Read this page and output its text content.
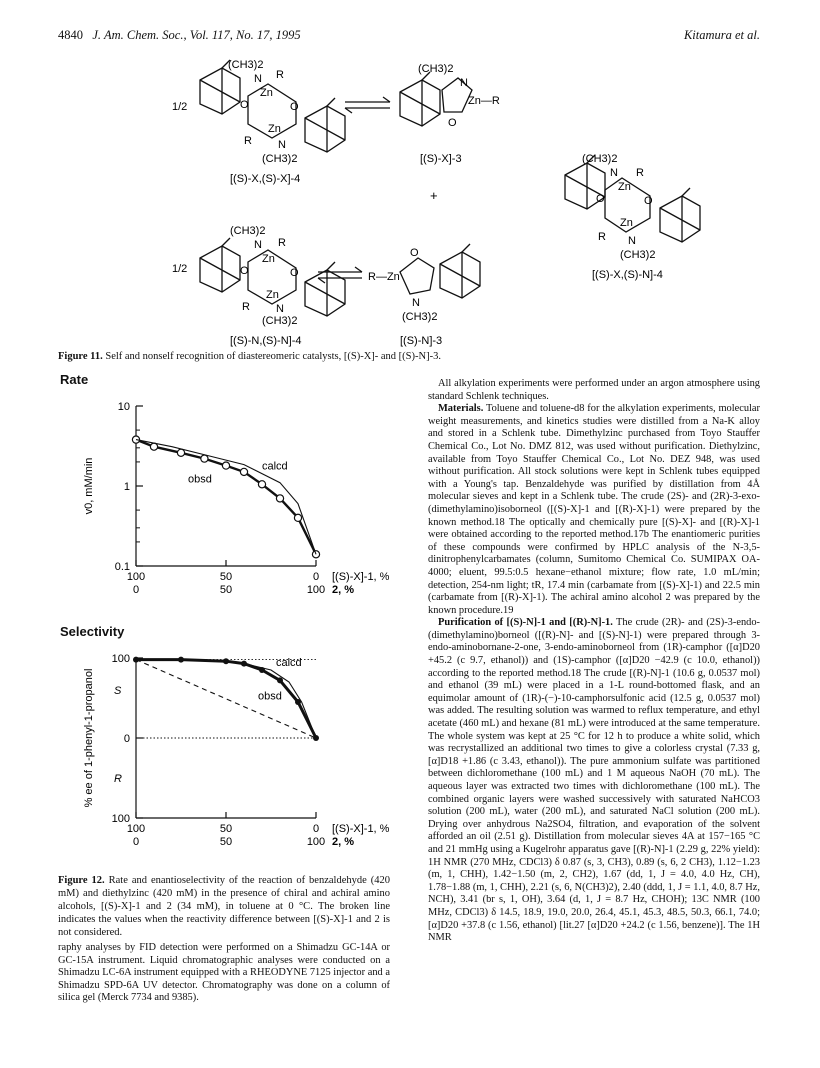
4840 J. Am. Chem. Soc., Vol. 117, No. 17, 1995	Kitamura et al.
(CH3)2
N R
Zn
O	O
Zn
R N
(CH3)2
1/2
[(S)-X,(S)-X]-4
(CH3)2
N
Zn—R
O
[(S)-X]-3
+
(CH3)2
N R
Zn
O	O
Zn
R N
(CH3)2
[(S)-X,(S)-N]-4
(CH3)2
N R
Zn
O	O
Zn
R N
(CH3)2
1/2
[(S)-N,(S)-N]-4
R—Zn
O
N
(CH3)2
[(S)-N]-3
Figure 11. Self and nonself recognition of diastereomeric catalysts, [(S)-X]- and [(S)-N]-3.
Rate
10
1
0.1
100
0
50
50
0
100
[(S)-X]-1, %
2, %
v0, mM/min	obsd
calcd
Selectivity
100
0
100
100
0
50
50
0
100
[(S)-X]-1, %
2, %
% ee of 1-phenyl-1-propanol S
R
calcd
obsd
Figure 12. Rate and enantioselectivity of the reaction of benzaldehyde (420 mM) and diethylzinc (420 mM) in the presence of chiral and achiral amino alcohols, [(S)-X]-1 and 2 (34 mM), in toluene at 0 °C. The broken line indicates the values when the reactivity difference between [(S)-X]-1 and 2 is not considered.

raphy analyses by FID detection were performed on a Shimadzu GC-14A or GC-15A instrument. Liquid chromatographic analyses were conducted on a Shimadzu LC-6A instrument equipped with a RHEODYNE 7125 injector and a Shimadzu SPD-6A UV detector. Chromatography was done on a column of silica gel (Merck 7734 and 9385).

All alkylation experiments were performed under an argon atmosphere using standard Schlenk techniques.

Materials. Toluene and toluene-d8 for the alkylation experiments, molecular weight measurements, and kinetics studies were distilled from a Na-K alloy and stored in a Schlenk tube. Dimethylzinc purchased from Toyo Stauffer Chemical Co., Lot No. DMZ 812, was used without purification. Diethylzinc, available from Toyo Stauffer Chemical Co., Lot No. DEZ 948, was used without purification. All stock solutions were kept in Schlenk tubes equipped with a Young's tap. Benzaldehyde was purified by distillation from 4Å molecular sieves and kept in a Schlenk tube. The crude (2S)- and (2R)-3-exo-(dimethylamino)isoborneol ([(S)-X]-1 and [(R)-X]-1) were prepared by the known method.18 The optically and chemically pure [(S)-X]- and [(R)-X]-1 were obtained according to the reported method.17b The enantiomeric purities of these compounds were confirmed by HPLC analysis of the N-3,5-dinitrophenylcarbamates (column, Sumitomo Chemical Co. SUMIPAX OA-4000; eluent, 99.5:0.5 hexane−ethanol mixture; flow rate, 1.0 mL/min; detection, 254-nm light; tR, 17.4 min (carbamate from [(S)-X]-1) and 22.5 min (carbamate from [(R)-X]-1). The achiral amino alcohol 2 was prepared by the known procedure.19

Purification of [(S)-N]-1 and [(R)-N]-1. The crude (2R)- and (2S)-3-endo-(dimethylamino)borneol ([(R)-N]- and [(S)-N]-1) were prepared through 3-endo-aminobornane-2-one, 3-endo-aminoborneol from (1R)-camphor ([α]D20 +45.2 (c 9.7, ethanol)) and (1S)-camphor ([α]D20 −42.9 (c 10.0, ethanol)) according to the reported method.18 The crude [(R)-N]-1 (10.6 g, 0.0537 mol) and ethanol (39 mL) were placed in a 1-L round-bottomed flask, and an equimolar amount of (1R)-(−)-10-camphorsulfonic acid (12.5 g, 0.0537 mol) was added. The resulting solution was warmed to reflux temperature, and ethyl acetate (460 mL) and hexane (81 mL) were introduced at the same temperature. The whole system was kept at 25 °C for 12 h to produce a white solid, which was recrystallized an additional two times to give a colorless crystal (7.33 g, [α]D18 +1.86 (c 3.43, ethanol)). The pure ammonium sulfate was partitioned between dichloromethane (100 mL) and 1 M aqueous NaOH (70 mL). The aqueous layer was extracted two times with dichloromethane (100 mL). The combined organic layers were washed successively with saturated NaHCO3 solution (200 mL), water (200 mL), and saturated NaCl solution (200 mL). Drying over anhydrous Na2SO4, filtration, and evaporation of the solvent afforded an oil (2.51 g). Distillation from molecular sieves 4A at 157−165 °C and 21 mmHg using a Kugelrohr apparatus gave [(R)-N]-1 (2.29 g, 22% yield): 1H NMR (270 MHz, CDCl3) δ 0.87 (s, 3, CH3), 0.89 (s, 6, 2 CH3), 1.12−1.23 (m, 1, CHH), 1.42−1.50 (m, 2, CH2), 1.67 (dd, 1, J = 4.0, 4.0 Hz, CH), 1.78−1.88 (m, 1, CHH), 2.21 (s, 6, N(CH3)2), 2.40 (ddd, 1, J = 1.1, 4.0, 8.7 Hz, NCH), 3.41 (br s, 1, OH), 3.64 (d, 1, J = 8.7 Hz, CHOH); 13C NMR (100 MHz, CDCl3) δ 14.5, 18.9, 19.0, 20.0, 26.4, 45.1, 45.3, 48.5, 50.3, 66.1, 74.0; [α]D20 +37.8 (c 1.56, ethanol) [lit.27 [α]D20 +24.2 (c 1.56, benzene)]. The 1H NMR
